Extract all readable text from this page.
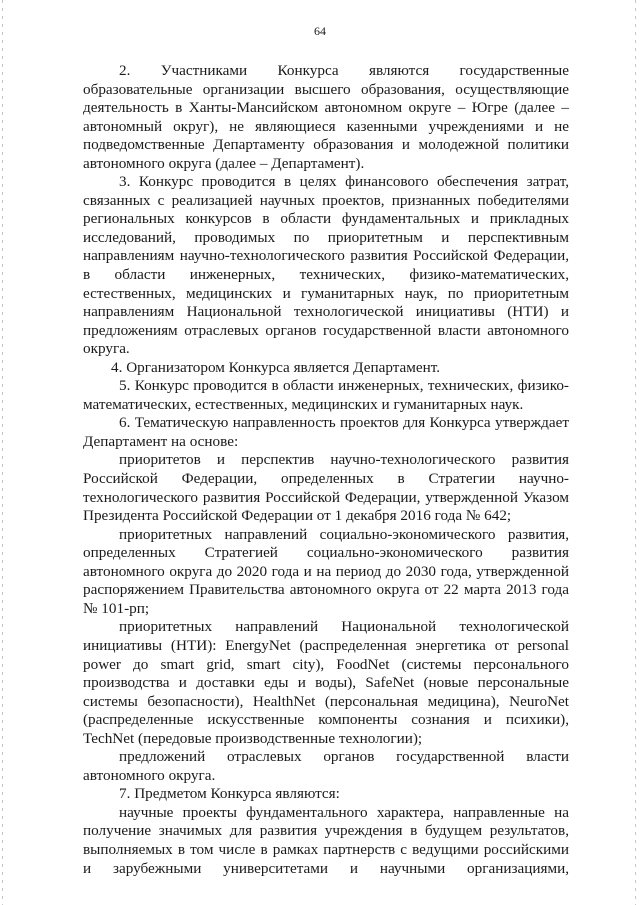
64

2. Участниками Конкурса являются государственные образовательные организации высшего образования, осуществляющие деятельность в Ханты-Мансийском автономном округе – Югре (далее – автономный округ), не являющиеся казенными учреждениями и не подведомственные Департаменту образования и молодежной политики автономного округа (далее – Департамент).

3. Конкурс проводится в целях финансового обеспечения затрат, связанных с реализацией научных проектов, признанных победителями региональных конкурсов в области фундаментальных и прикладных исследований, проводимых по приоритетным и перспективным направлениям научно-технологического развития Российской Федерации, в области инженерных, технических, физико-математических, естественных, медицинских и гуманитарных наук, по приоритетным направлениям Национальной технологической инициативы (НТИ) и предложениям отраслевых органов государственной власти автономного округа.

4. Организатором Конкурса является Департамент.

5. Конкурс проводится в области инженерных, технических, физико-математических, естественных, медицинских и гуманитарных наук.

6. Тематическую направленность проектов для Конкурса утверждает Департамент на основе:

приоритетов и перспектив научно-технологического развития Российской Федерации, определенных в Стратегии научно-технологического развития Российской Федерации, утвержденной Указом Президента Российской Федерации от 1 декабря 2016 года № 642;

приоритетных направлений социально-экономического развития, определенных Стратегией социально-экономического развития автономного округа до 2020 года и на период до 2030 года, утвержденной распоряжением Правительства автономного округа от 22 марта 2013 года № 101-рп;

приоритетных направлений Национальной технологической инициативы (НТИ): EnergyNet (распределенная энергетика от personal power до smart grid, smart city), FoodNet (системы персонального производства и доставки еды и воды), SafeNet (новые персональные системы безопасности), HealthNet (персональная медицина), NeuroNet (распределенные искусственные компоненты сознания и психики), TechNet (передовые производственные технологии);

предложений отраслевых органов государственной власти автономного округа.

7. Предметом Конкурса являются:

научные проекты фундаментального характера, направленные на получение значимых для развития учреждения в будущем результатов, выполняемых в том числе в рамках партнерств с ведущими российскими и зарубежными университетами и научными организациями,
